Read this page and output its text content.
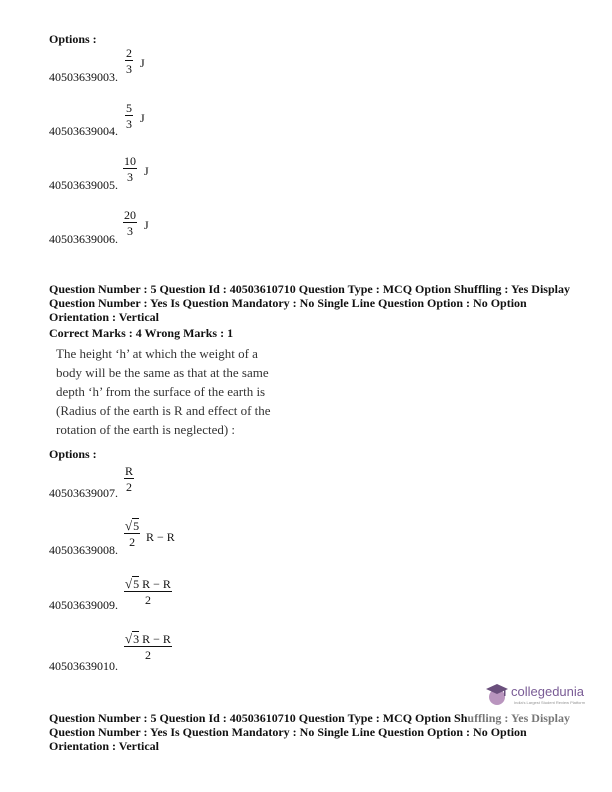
Options :
40503639003.
$\frac{2}{3}$ J
40503639004.
$\frac{5}{3}$ J
40503639005.
$\frac{10}{3}$ J
40503639006.
$\frac{20}{3}$ J
Question Number : 5 Question Id : 40503610710 Question Type : MCQ Option Shuffling : Yes Display
Question Number : Yes Is Question Mandatory : No Single Line Question Option : No Option
Orientation : Vertical
Correct Marks : 4 Wrong Marks : 1
The height ‘h’ at which the weight of a
body will be the same as that at the same
depth ‘h’ from the surface of the earth is
(Radius of the earth is R and effect of the
rotation of the earth is neglected) :
Options :
40503639007. $\frac{R}{2}$
40503639008.
$\frac{√5}{2}$ R − R
40503639009. $\frac{√5 R - R}{2}$
40503639010.
$\frac{√3 R - R}{2}$
collegedunia
India's Largest Student Review Platform
Question Number : 5 Question Id : 40503610710 Question Type : MCQ Option Shuffling : Yes Display
Question Number : Yes Is Question Mandatory : No Single Line Question Option : No Option
Orientation : Vertical
